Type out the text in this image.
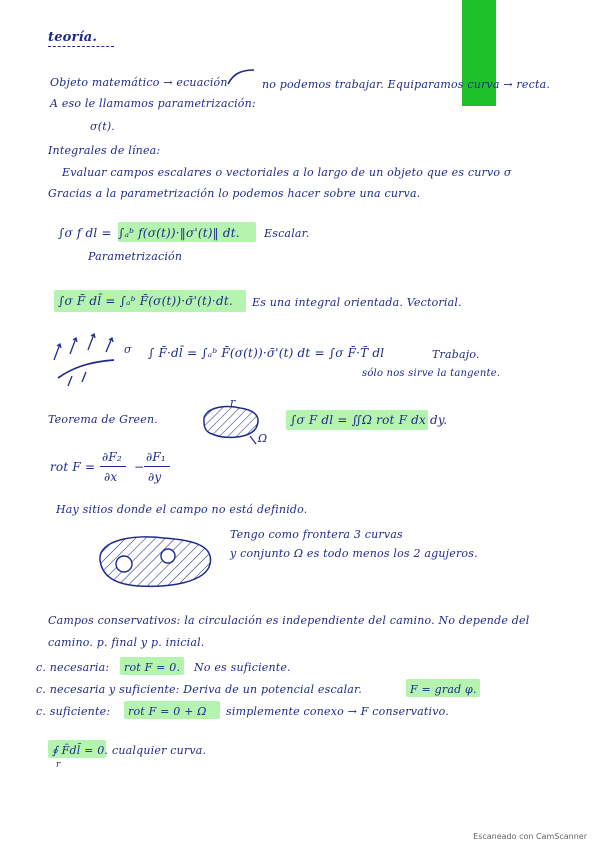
teoría.
Objeto matemático → ecuación	no podemos trabajar. Equiparamos curva → recta.
A eso le llamamos parametrización:
σ(t).
Integrales de línea:
Evaluar campos escalares o vectoriales a lo largo de un objeto que es curvo σ
Gracias a la parametrización lo podemos hacer sobre una curva.
∫σ f dl = ∫ₐᵇ f(σ(t))·‖σ'(t)‖ dt. Escalar.
Parametrización
∫σ F̄ dl̄ = ∫ₐᵇ F̄(σ(t))·σ̄'(t)·dt. Es una integral orientada. Vectorial.
σ ∫ F̄·dl̄ = ∫ₐᵇ F̄(σ(t))·σ̄'(t) dt = ∫σ F̄·T̄ dl	Trabajo.
sólo nos sirve la tangente.
Teorema de Green.
r
Ω
∫σ F dl = ∬Ω rot F dx dy.
rot F =
∂F₂
∂x
−
∂F₁
∂y
Hay sitios donde el campo no está definido.
Tengo como frontera 3 curvas
y conjunto Ω es todo menos los 2 agujeros.
Campos conservativos: la circulación es independiente del camino. No depende del
camino. p. final y p. inicial.
c. necesaria: rot F = 0. No es suficiente.
c. necesaria y suficiente: Deriva de un potencial escalar.	F = grad φ.
c. suficiente: rot F = 0 + Ω simplemente conexo → F conservativo.
∮ F̄dl̄ = 0. cualquier curva.
r
Escaneado con CamScanner
